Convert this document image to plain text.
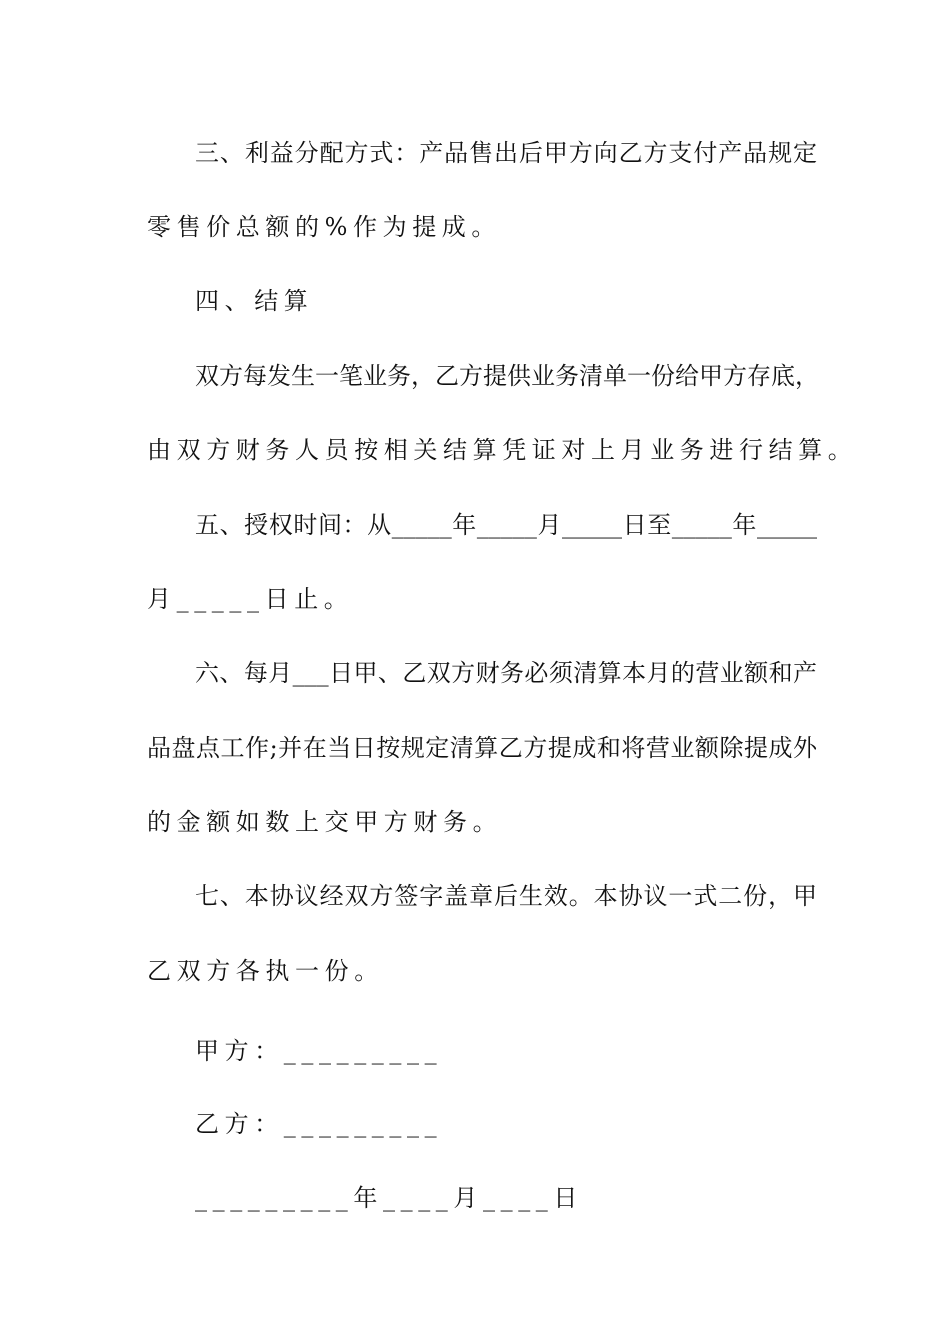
三、利益分配方式：产品售出后甲方向乙方支付产品规定
零售价总额的%作为提成。
四、结算
双方每发生一笔业务，乙方提供业务清单一份给甲方存底，
由双方财务人员按相关结算凭证对上月业务进行结算。
五、授权时间：从_____年_____月_____日至_____年_____
月_____日止。
六、每月___日甲、乙双方财务必须清算本月的营业额和产
品盘点工作;并在当日按规定清算乙方提成和将营业额除提成外
的金额如数上交甲方财务。
七、本协议经双方签字盖章后生效。本协议一式二份，甲
乙双方各执一份。
甲方：_________
乙方：_________
_________年____月____日
